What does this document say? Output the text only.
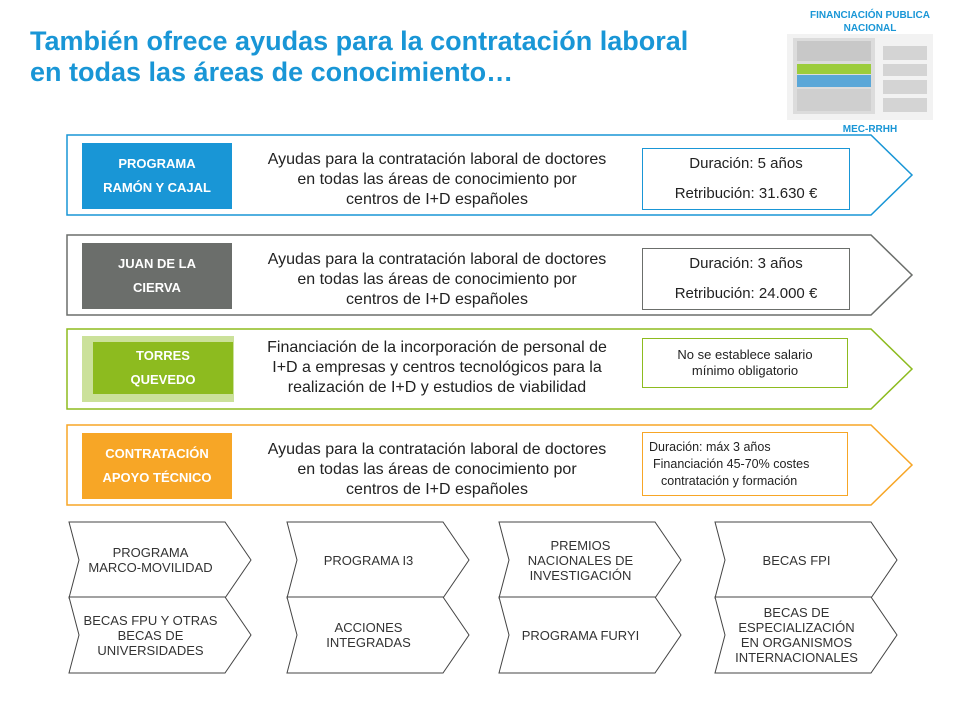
También ofrece ayudas para la contratación laboral
en todas las áreas de conocimiento…
FINANCIACIÓN PUBLICA
NACIONAL
MEC-RRHH
PROGRAMA
RAMÓN Y CAJAL
Ayudas para la contratación laboral de doctores
en todas las áreas de conocimiento por
centros de I+D españoles
Duración: 5 años
Retribución: 31.630 €
JUAN DE LA
CIERVA
Ayudas para la contratación laboral de doctores
en todas las áreas de conocimiento por
centros de I+D españoles
Duración: 3 años
Retribución: 24.000 €
TORRES
QUEVEDO
Financiación de la incorporación de personal de
I+D a empresas y centros tecnológicos para la
realización de I+D y estudios de viabilidad
No se establece salario
mínimo obligatorio
CONTRATACIÓN
APOYO TÉCNICO
Ayudas para la contratación laboral de doctores
en todas las áreas de conocimiento por
centros de I+D españoles
Duración: máx 3 años
Financiación 45-70% costes
contratación y formación
PROGRAMA
MARCO-MOVILIDAD	PROGRAMA I3
PREMIOS
NACIONALES DE
INVESTIGACIÓN
BECAS FPI
BECAS FPU Y OTRAS
BECAS DE
UNIVERSIDADES
ACCIONES
INTEGRADAS	PROGRAMA FURYI
BECAS DE
ESPECIALIZACIÓN
EN ORGANISMOS
INTERNACIONALES
